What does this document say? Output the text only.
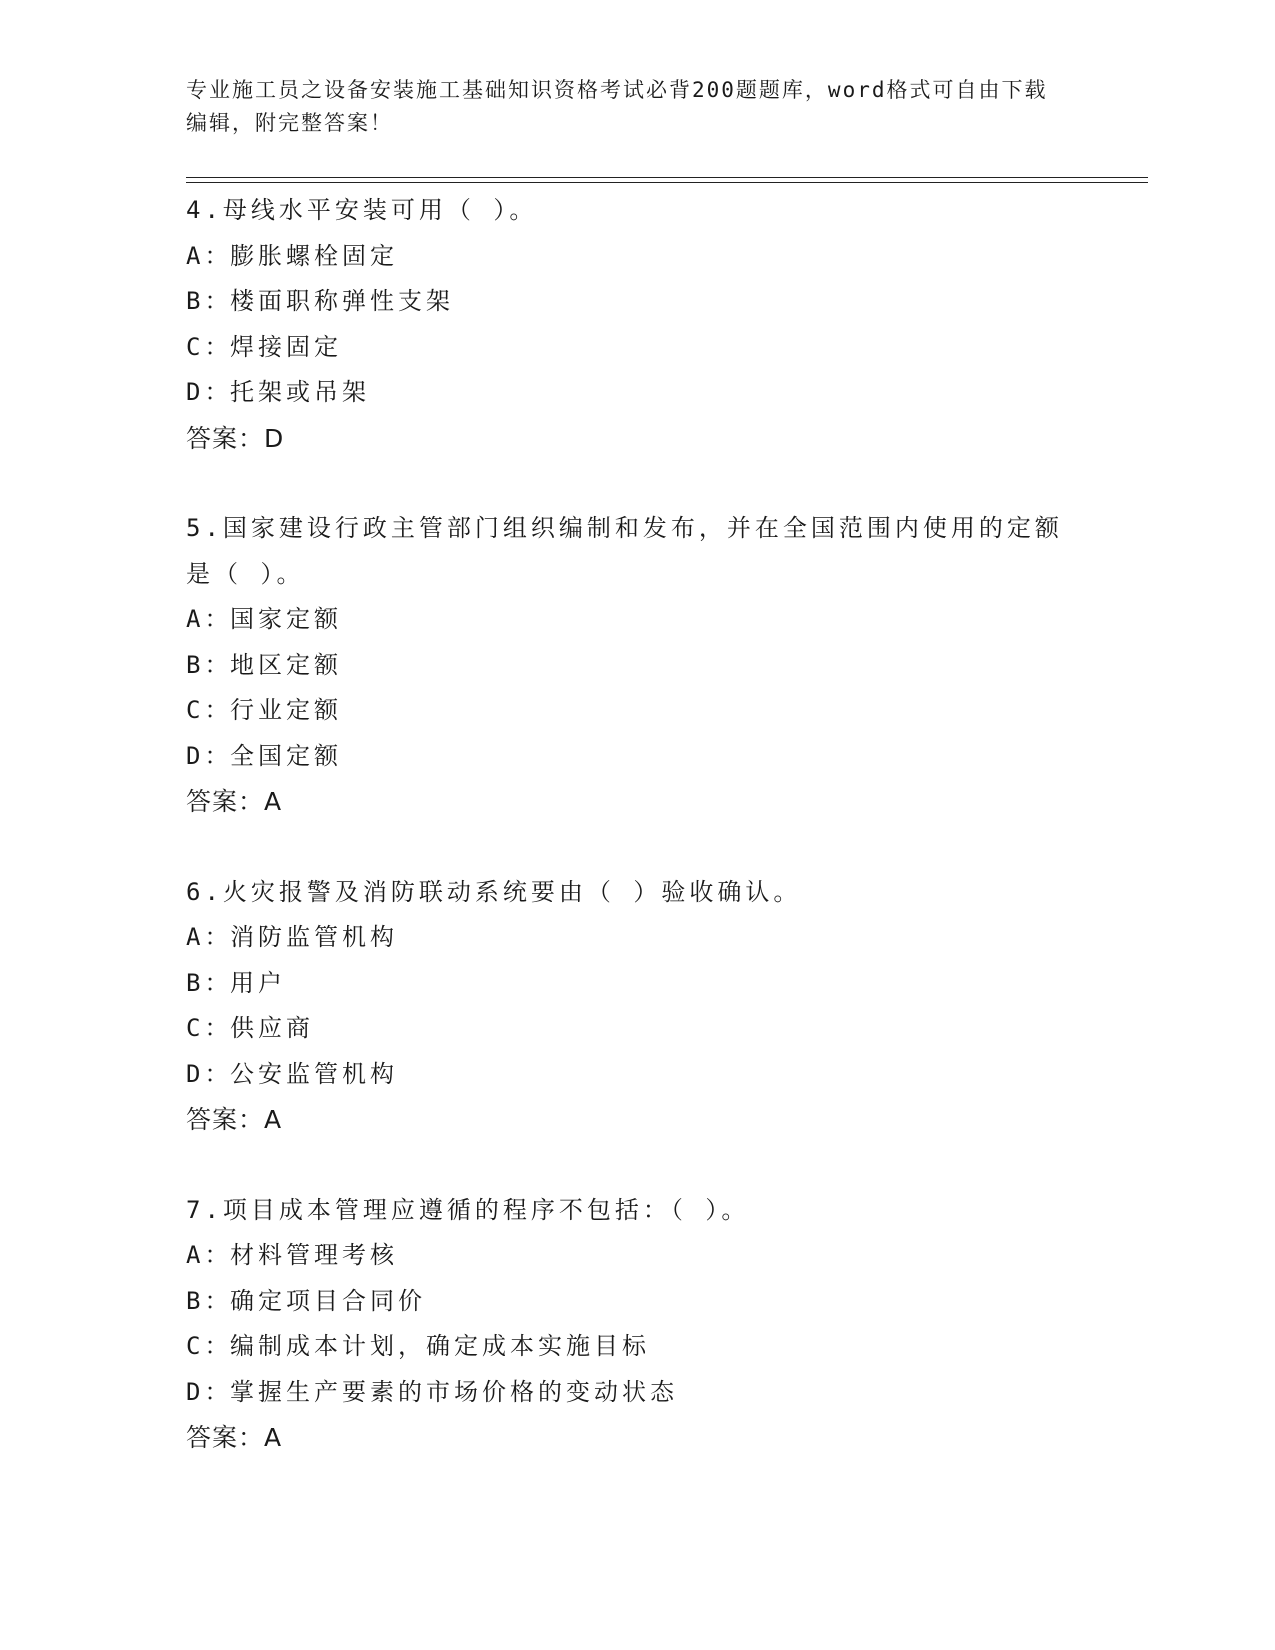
专业施工员之设备安装施工基础知识资格考试必背200题题库，word格式可自由下载编辑，附完整答案！
4.母线水平安装可用（ ）。
A：膨胀螺栓固定
B：楼面职称弹性支架
C：焊接固定
D：托架或吊架
答案：D
5.国家建设行政主管部门组织编制和发布，并在全国范围内使用的定额是（ ）。
A：国家定额
B：地区定额
C：行业定额
D：全国定额
答案：A
6.火灾报警及消防联动系统要由（ ）验收确认。
A：消防监管机构
B：用户
C：供应商
D：公安监管机构
答案：A
7.项目成本管理应遵循的程序不包括：（ ）。
A：材料管理考核
B：确定项目合同价
C：编制成本计划，确定成本实施目标
D：掌握生产要素的市场价格的变动状态
答案：A
